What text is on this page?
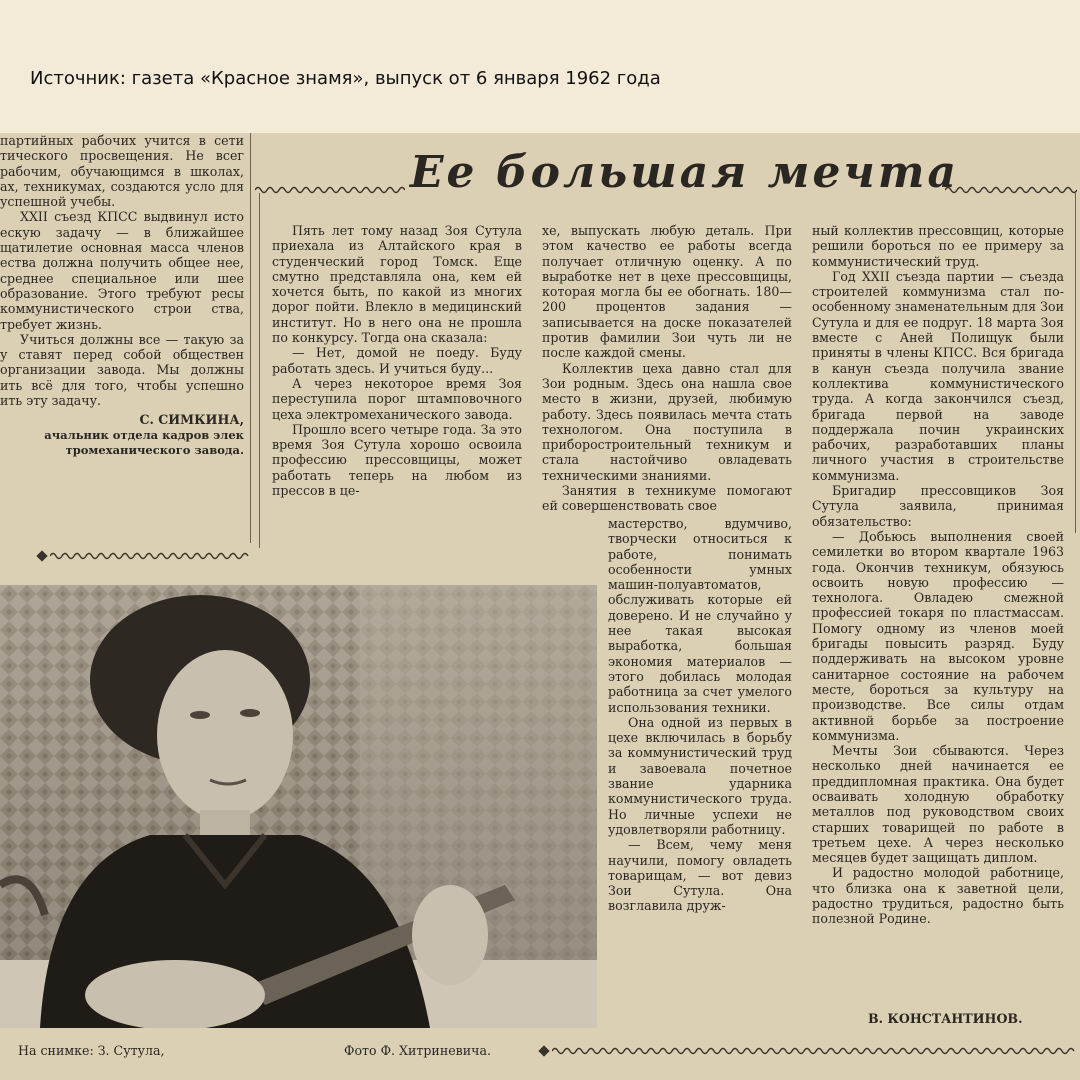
Источник: газета «Красное знамя», выпуск от 6 января 1962 года

партийных рабочих учится в сети тического просвещения. Не всег рабочим, обучающимся в школах, ах, техникумах, создаются усло для успешной учебы.

XXII съезд КПСС выдвинул исто ескую задачу — в ближайшее щатилетие основная масса членов ества должна получить общее нее, среднее специальное или шее образование. Этого требуют ресы коммунистического строи ства, требует жизнь.

Учиться должны все — такую за у ставят перед собой обществен организации завода. Мы должны ить всё для того, чтобы успешно ить эту задачу.

С. СИМКИНА,

ачальник отдела кадров элек тромеханического завода.

Ее большая мечта

Пять лет тому назад Зоя Сутула приехала из Алтайского края в студенческий город Томск. Еще смутно представляла она, кем ей хочется быть, по какой из многих дорог пойти. Влекло в медицинский институт. Но в него она не прошла по конкурсу. Тогда она сказала:

— Нет, домой не поеду. Буду работать здесь. И учиться буду...

А через некоторое время Зоя переступила порог штамповочного цеха электромеханического завода.

Прошло всего четыре года. За это время Зоя Сутула хорошо освоила профессию прессовщицы, может работать теперь на любом из прессов в це-

хе, выпускать любую деталь. При этом качество ее работы всегда получает отличную оценку. А по выработке нет в цехе прессовщицы, которая могла бы ее обогнать. 180—200 процентов задания — записывается на доске показателей против фамилии Зои чуть ли не после каждой смены.

Коллектив цеха давно стал для Зои родным. Здесь она нашла свое место в жизни, друзей, любимую работу. Здесь появилась мечта стать технологом. Она поступила в приборостроительный техникум и стала настойчиво овладевать техническими знаниями.

Занятия в техникуме помогают ей совершенствовать свое

мастерство, вдумчиво, творчески относиться к работе, понимать особенности умных машин-полуавтоматов, обслуживать которые ей доверено. И не случайно у нее такая высокая выработка, большая экономия материалов — этого добилась молодая работница за счет умелого использования техники.

Она одной из первых в цехе включилась в борьбу за коммунистический труд и завоевала почетное звание ударника коммунистического труда. Но личные успехи не удовлетворяли работницу.

— Всем, чему меня научили, помогу овладеть товарищам, — вот девиз Зои Сутула. Она возглавила друж-

ный коллектив прессовщиц, которые решили бороться по ее примеру за коммунистический труд.

Год XXII съезда партии — съезда строителей коммунизма стал по-особенному знаменательным для Зои Сутула и для ее подруг. 18 марта Зоя вместе с Аней Полищук были приняты в члены КПСС. Вся бригада в канун съезда получила звание коллектива коммунистического труда. А когда закончился съезд, бригада первой на заводе поддержала почин украинских рабочих, разработавших планы личного участия в строительстве коммунизма.

Бригадир прессовщиков Зоя Сутула заявила, принимая обязательство:

— Добьюсь выполнения своей семилетки во втором квартале 1963 года. Окончив техникум, обязуюсь освоить новую профессию — технолога. Овладею смежной профессией токаря по пластмассам. Помогу одному из членов моей бригады повысить разряд. Буду поддерживать на высоком уровне санитарное состояние на рабочем месте, бороться за культуру на производстве. Все силы отдам активной борьбе за построение коммунизма.

Мечты Зои сбываются. Через несколько дней начинается ее преддипломная практика. Она будет осваивать холодную обработку металлов под руководством своих старших товарищей по работе в третьем цехе. А через несколько месяцев будет защищать диплом.

И радостно молодой работнице, что близка она к заветной цели, радостно трудиться, радостно быть полезной Родине.

В. КОНСТАНТИНОВ.
На снимке: З. Сутула,	Фото Ф. Хитриневича.
